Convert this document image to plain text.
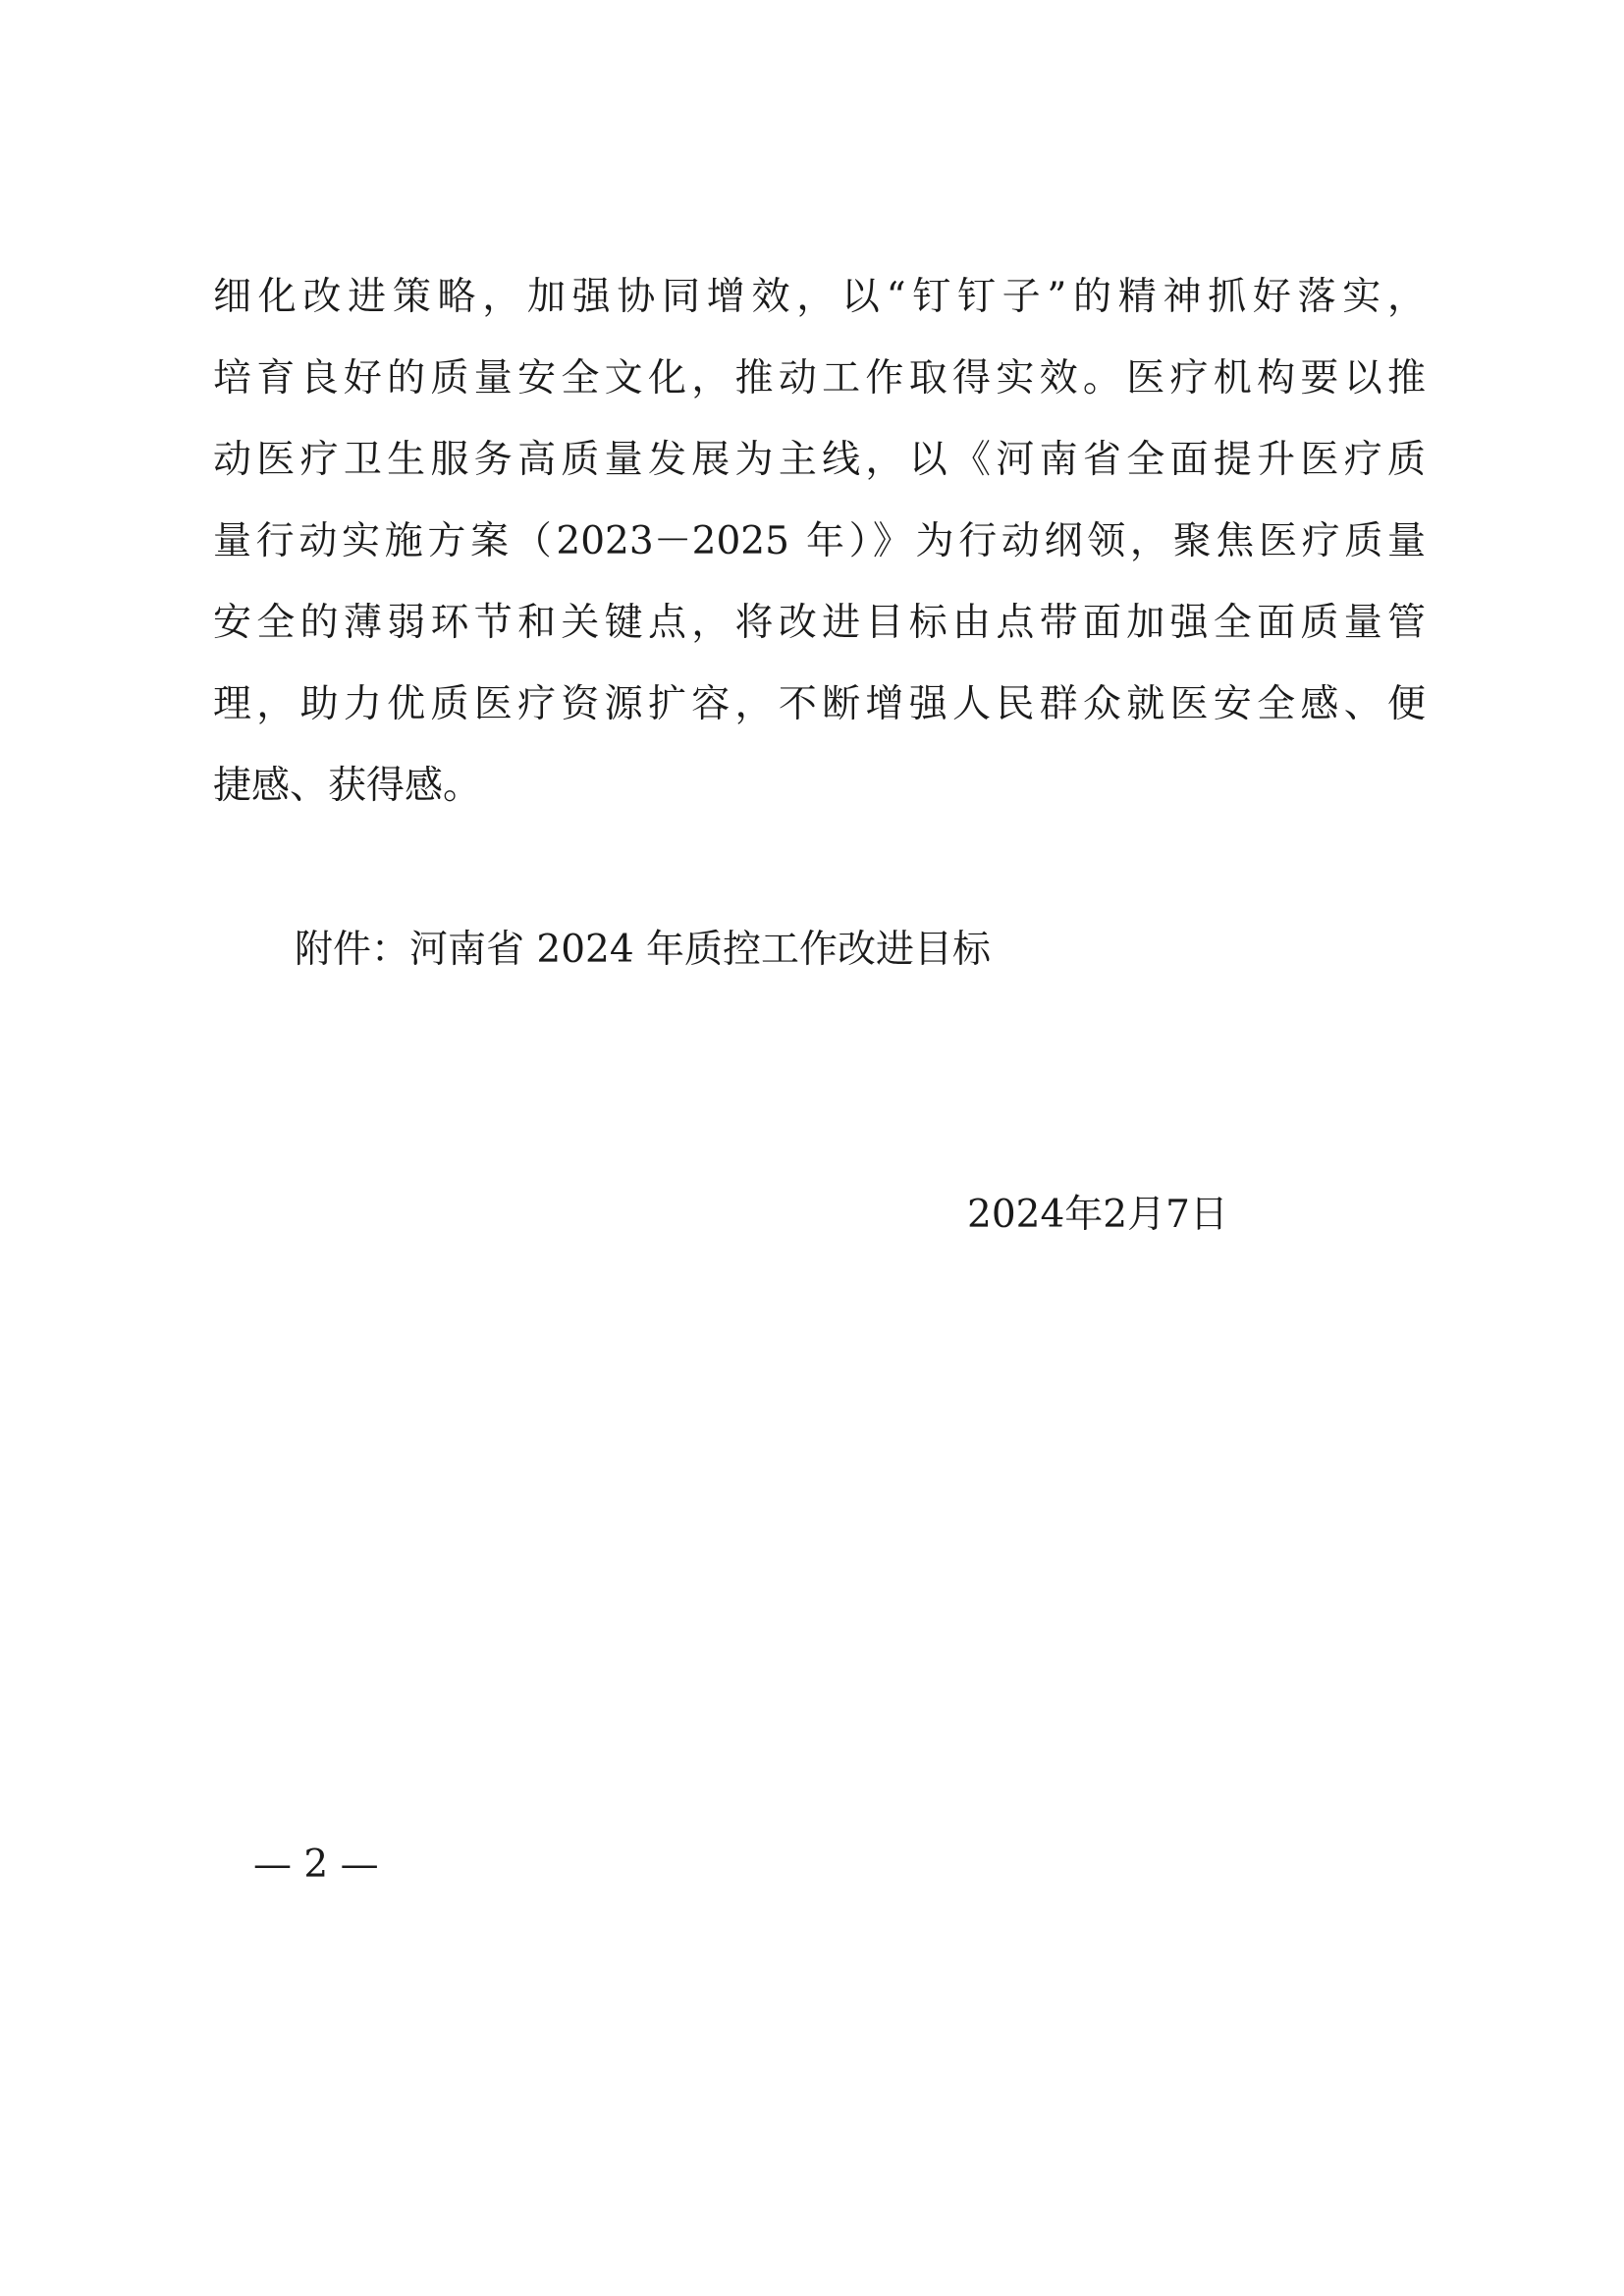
细化改进策略，加强协同增效，以“钉钉子”的精神抓好落实，
培育良好的质量安全文化，推动工作取得实效。医疗机构要以推
动医疗卫生服务高质量发展为主线，以《河南省全面提升医疗质
量行动实施方案（2023－2025 年）》为行动纲领，聚焦医疗质量
安全的薄弱环节和关键点，将改进目标由点带面加强全面质量管
理，助力优质医疗资源扩容，不断增强人民群众就医安全感、便
捷感、获得感。
附件：河南省 2024 年质控工作改进目标
2024年2月7日
— 2 —
